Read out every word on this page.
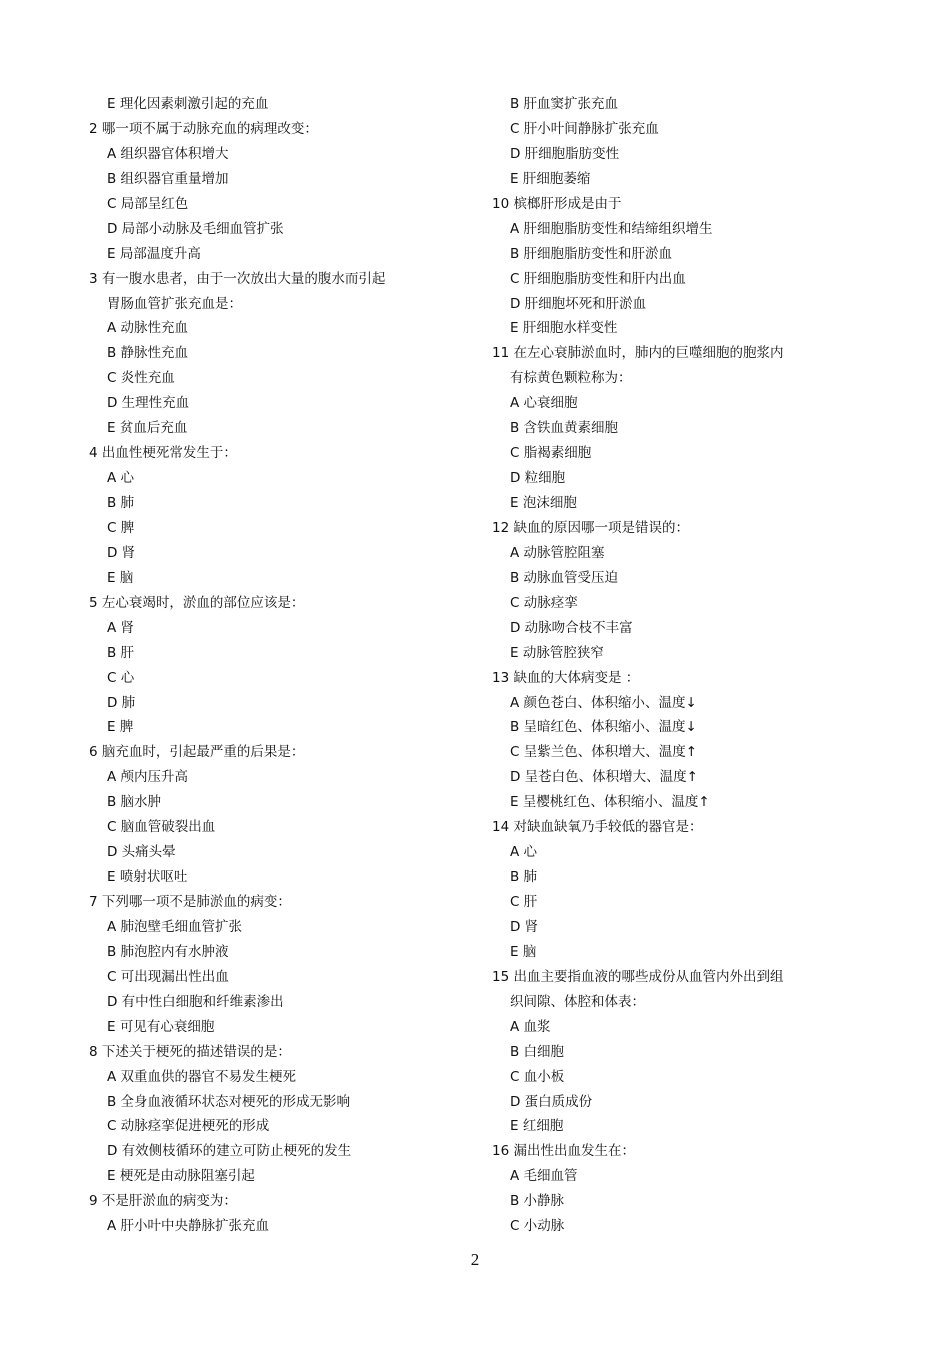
E 理化因素刺激引起的充血
2 哪一项不属于动脉充血的病理改变：
A 组织器官体积增大
B 组织器官重量增加
C 局部呈红色
D 局部小动脉及毛细血管扩张
E 局部温度升高
3 有一腹水患者，由于一次放出大量的腹水而引起
胃肠血管扩张充血是：
A 动脉性充血
B 静脉性充血
C 炎性充血
D 生理性充血
E 贫血后充血
4 出血性梗死常发生于：
A 心
B 肺
C 脾
D 肾
E 脑
5 左心衰竭时，淤血的部位应该是：
A 肾
B 肝
C 心
D 肺
E 脾
6 脑充血时，引起最严重的后果是：
A 颅内压升高
B 脑水肿
C 脑血管破裂出血
D 头痛头晕
E 喷射状呕吐
7 下列哪一项不是肺淤血的病变：
A 肺泡壁毛细血管扩张
B 肺泡腔内有水肿液
C 可出现漏出性出血
D 有中性白细胞和纤维素渗出
E 可见有心衰细胞
8 下述关于梗死的描述错误的是：
A 双重血供的器官不易发生梗死
B 全身血液循环状态对梗死的形成无影响
C 动脉痉挛促进梗死的形成
D 有效侧枝循环的建立可防止梗死的发生
E 梗死是由动脉阻塞引起
9 不是肝淤血的病变为：
A 肝小叶中央静脉扩张充血
B 肝血窦扩张充血
C 肝小叶间静脉扩张充血
D 肝细胞脂肪变性
E 肝细胞萎缩
10 槟榔肝形成是由于
A 肝细胞脂肪变性和结缔组织增生
B 肝细胞脂肪变性和肝淤血
C 肝细胞脂肪变性和肝内出血
D 肝细胞坏死和肝淤血
E 肝细胞水样变性
11 在左心衰肺淤血时，肺内的巨噬细胞的胞浆内
有棕黄色颗粒称为：
A 心衰细胞
B 含铁血黄素细胞
C 脂褐素细胞
D 粒细胞
E 泡沫细胞
12 缺血的原因哪一项是错误的：
A 动脉管腔阻塞
B 动脉血管受压迫
C 动脉痉挛
D 动脉吻合枝不丰富
E 动脉管腔狭窄
13 缺血的大体病变是 ：
A 颜色苍白、体积缩小、温度↓
B 呈暗红色、体积缩小、温度↓
C 呈紫兰色、体积增大、温度↑
D 呈苍白色、体积增大、温度↑
E 呈樱桃红色、体积缩小、温度↑
14 对缺血缺氧乃手较低的器官是：
A 心
B 肺
C 肝
D 肾
E 脑
15 出血主要指血液的哪些成份从血管内外出到组
织间隙、体腔和体表：
A 血浆
B 白细胞
C 血小板
D 蛋白质成份
E 红细胞
16 漏出性出血发生在：
A 毛细血管
B 小静脉
C 小动脉
2
